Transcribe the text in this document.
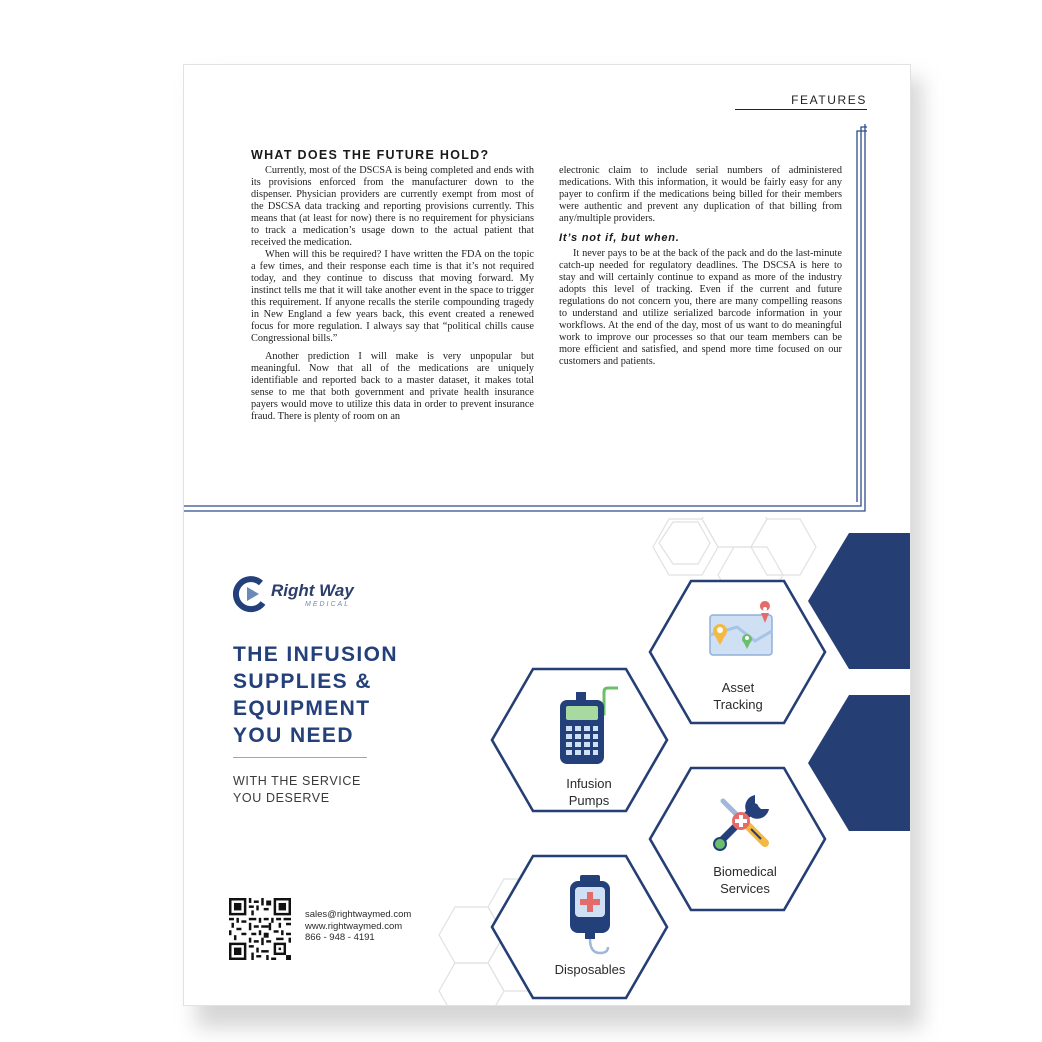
FEATURES
WHAT DOES THE FUTURE HOLD?

Currently, most of the DSCSA is being completed and ends with its provisions enforced from the manufacturer down to the dispenser. Physician providers are currently exempt from most of the DSCSA data tracking and reporting provisions currently. This means that (at least for now) there is no requirement for physicians to track a medication’s usage down to the actual patient that received the medication.

When will this be required? I have written the FDA on the topic a few times, and their response each time is that it’s not required today, and they continue to discuss that moving forward. My instinct tells me that it will take another event in the space to trigger this requirement. If anyone recalls the sterile compounding tragedy in New England a few years back, this event created a renewed focus for more regulation. I always say that “political chills cause Congressional bills.”

Another prediction I will make is very unpopular but meaningful. Now that all of the medications are uniquely identifiable and reported back to a master dataset, it makes total sense to me that both government and private health insurance payers would move to utilize this data in order to prevent insurance fraud. There is plenty of room on an

electronic claim to include serial numbers of administered medications. With this information, it would be fairly easy for any payer to confirm if the medications being billed for their members were authentic and prevent any duplication of that billing from any/multiple providers.

It’s not if, but when.

It never pays to be at the back of the pack and do the last-minute catch-up needed for regulatory deadlines. The DSCSA is here to stay and will certainly continue to expand as more of the industry adopts this level of tracking. Even if the current and future regulations do not concern you, there are many compelling reasons to understand and utilize serialized barcode information in your workflows. At the end of the day, most of us want to do meaningful work to improve our processes so that our team members can be more efficient and satisfied, and spend more time focused on our customers and patients.

Right Way
MEDICAL
THE INFUSION
SUPPLIES &
EQUIPMENT
YOU NEED
WITH THE SERVICE
YOU DESERVE
sales@rightwaymed.com
www.rightwaymed.com
866 - 948 - 4191
Asset
Tracking
Infusion
Pumps
Biomedical
Services
Disposables
